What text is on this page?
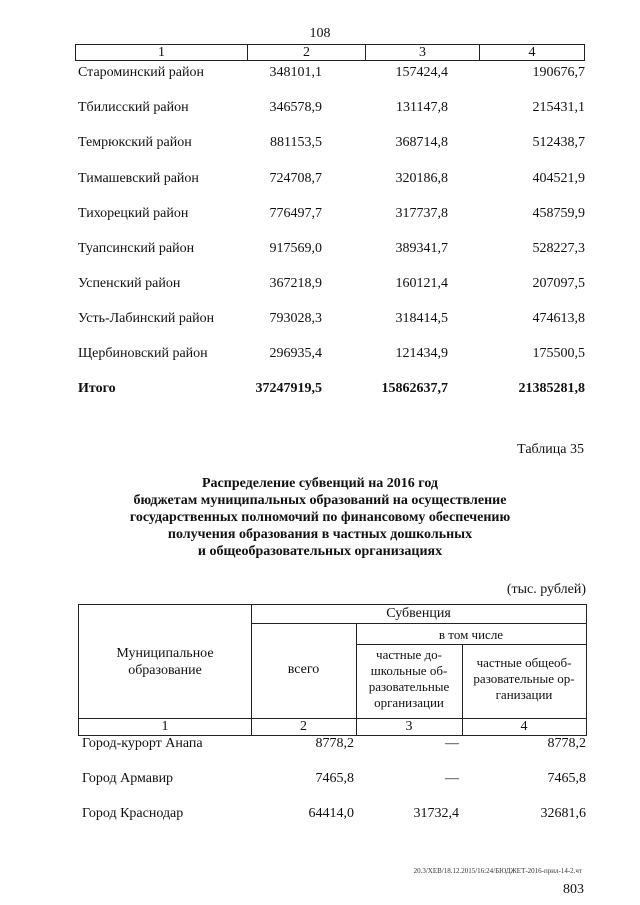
108
1	2	3	4
Староминский район	348101,1	157424,4	190676,7
Тбилисский район	346578,9	131147,8	215431,1
Темрюкский район	881153,5	368714,8	512438,7
Тимашевский район	724708,7	320186,8	404521,9
Тихорецкий район	776497,7	317737,8	458759,9
Туапсинский район	917569,0	389341,7	528227,3
Успенский район	367218,9	160121,4	207097,5
Усть-Лабинский район	793028,3	318414,5	474613,8
Щербиновский район	296935,4	121434,9	175500,5
Итого	37247919,5	15862637,7	21385281,8
Таблица 35
Распределение субвенций на 2016 год
бюджетам муниципальных образований на осуществление
государственных полномочий по финансовому обеспечению
получения образования в частных дошкольных
и общеобразовательных организациях
(тыс. рублей)
Муниципальное
образование
Субвенция
всего
в том числе
частные до-
школьные об-
разовательные
организации
частные общеоб-
разовательные ор-
ганизации
1	2	3	4
Город-курорт Анапа	8778,2	—	8778,2
Город Армавир	7465,8	—	7465,8
Город Краснодар	64414,0	31732,4	32681,6
20.3/ХЕВ/18.12.2015/16:24/БЮДЖЕТ-2016-прил-14-2.чт
803
